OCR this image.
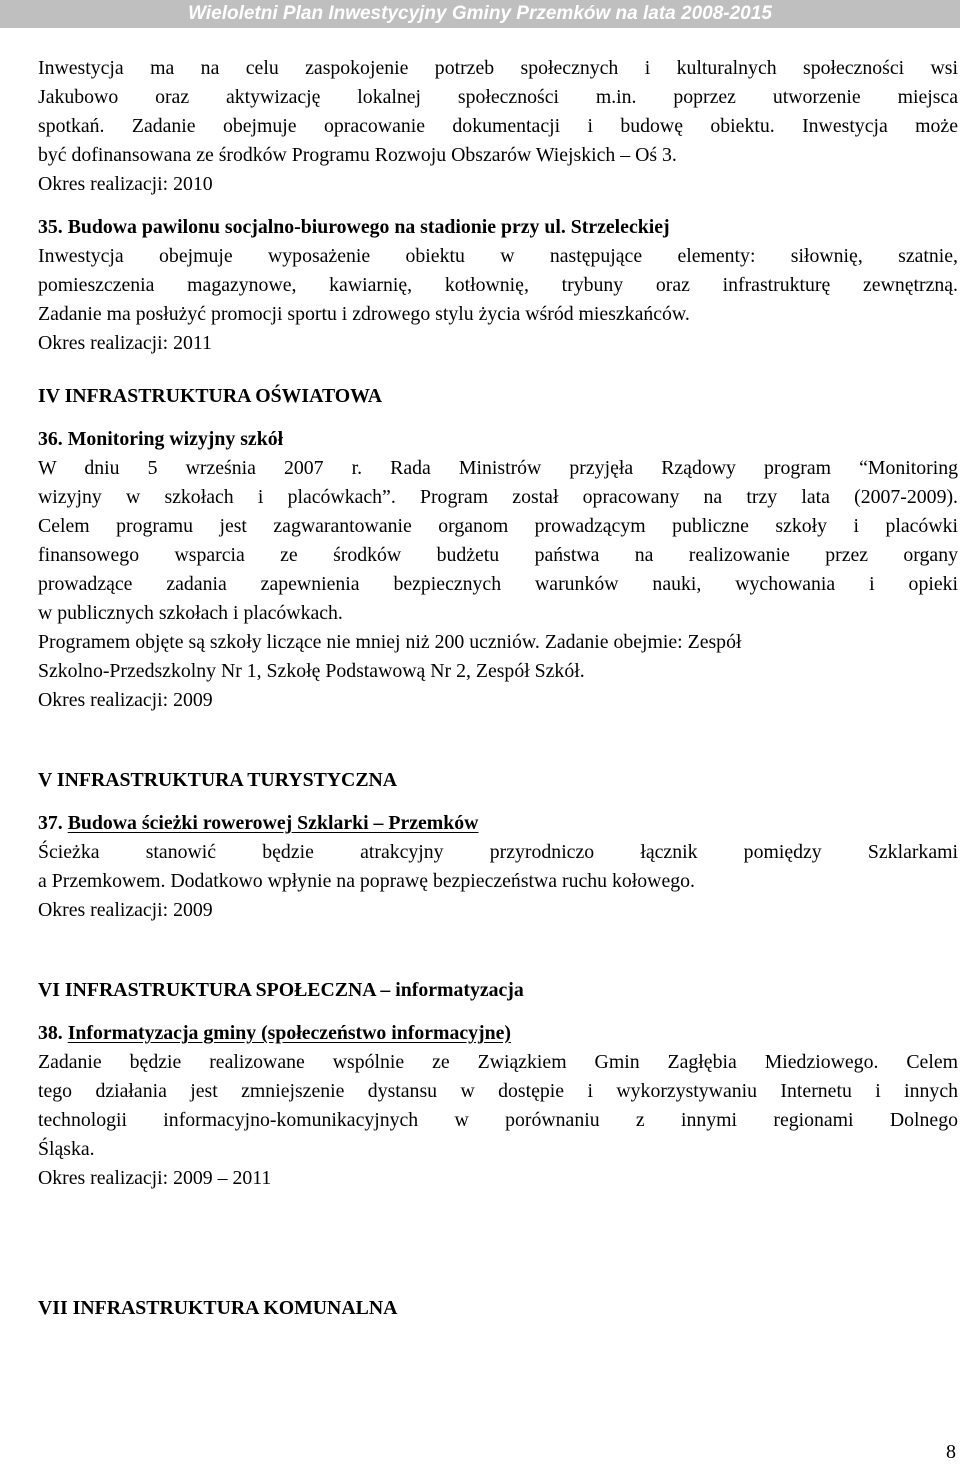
Wieloletni Plan Inwestycyjny Gminy Przemków na lata 2008-2015
Inwestycja ma na celu zaspokojenie potrzeb społecznych i kulturalnych społeczności wsi
Jakubowo oraz aktywizację lokalnej społeczności m.in. poprzez utworzenie miejsca
spotkań. Zadanie obejmuje opracowanie dokumentacji i budowę obiektu. Inwestycja może
być dofinansowana ze środków Programu Rozwoju Obszarów Wiejskich – Oś 3.
Okres realizacji: 2010
35. Budowa pawilonu socjalno-biurowego na stadionie przy ul. Strzeleckiej
Inwestycja obejmuje wyposażenie obiektu w następujące elementy: siłownię, szatnie,
pomieszczenia magazynowe, kawiarnię, kotłownię, trybuny oraz infrastrukturę zewnętrzną.
Zadanie ma posłużyć promocji sportu i zdrowego stylu życia wśród mieszkańców.
Okres realizacji: 2011
IV INFRASTRUKTURA OŚWIATOWA
36. Monitoring wizyjny szkół
W dniu 5 września 2007 r. Rada Ministrów przyjęła Rządowy program “Monitoring
wizyjny w szkołach i placówkach”. Program został opracowany na trzy lata (2007-2009).
Celem programu jest zagwarantowanie organom prowadzącym publiczne szkoły i placówki
finansowego wsparcia ze środków budżetu państwa na realizowanie przez organy
prowadzące zadania zapewnienia bezpiecznych warunków nauki, wychowania i opieki
w publicznych szkołach i placówkach.
Programem objęte są szkoły liczące nie mniej niż 200 uczniów. Zadanie obejmie: Zespół
Szkolno-Przedszkolny Nr 1, Szkołę Podstawową Nr 2, Zespół Szkół.
Okres realizacji: 2009
V INFRASTRUKTURA TURYSTYCZNA
37. Budowa ścieżki rowerowej Szklarki – Przemków
Ścieżka stanowić będzie atrakcyjny przyrodniczo łącznik pomiędzy Szklarkami
a Przemkowem. Dodatkowo wpłynie na poprawę bezpieczeństwa ruchu kołowego.
Okres realizacji: 2009
VI INFRASTRUKTURA SPOŁECZNA – informatyzacja
38. Informatyzacja gminy (społeczeństwo informacyjne)
Zadanie będzie realizowane wspólnie ze Związkiem Gmin Zagłębia Miedziowego. Celem
tego działania jest zmniejszenie dystansu w dostępie i wykorzystywaniu Internetu i innych
technologii informacyjno-komunikacyjnych w porównaniu z innymi regionami Dolnego
Śląska.
Okres realizacji: 2009 – 2011
VII INFRASTRUKTURA KOMUNALNA
8
